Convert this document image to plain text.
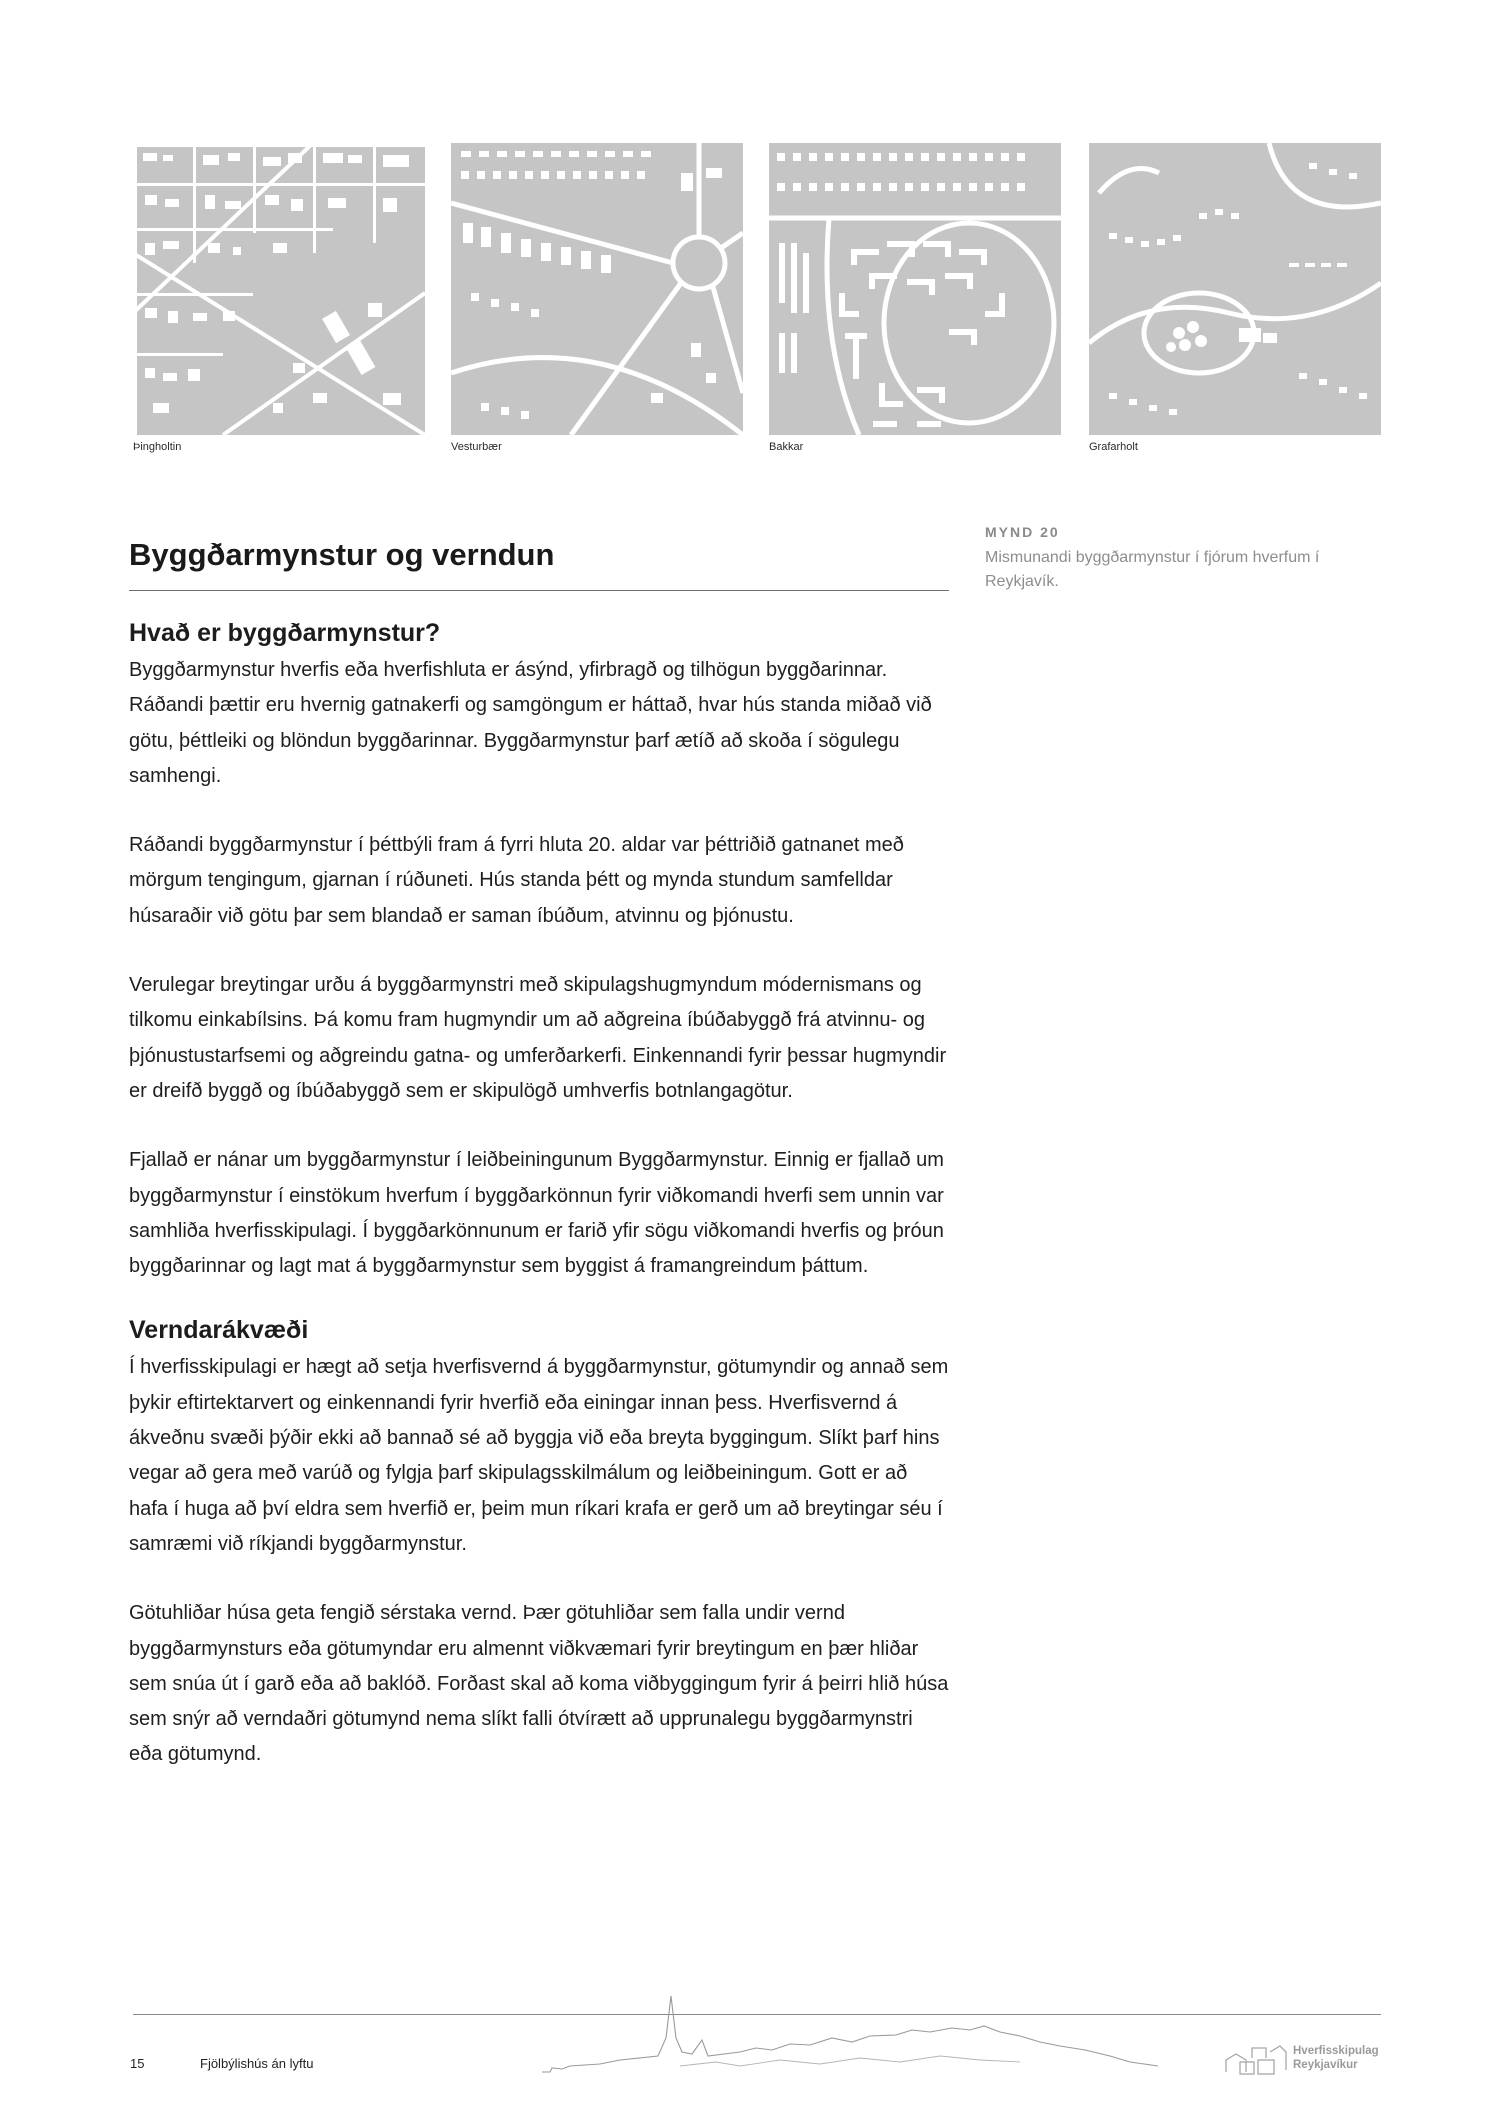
Þingholtin	Vesturbær	Bakkar	Grafarholt
MYND 20
Mismunandi byggðarmynstur í fjórum hverfum í Reykjavík.
Byggðarmynstur og verndun
Hvað er byggðarmynstur?

Byggðarmynstur hverfis eða hverfishluta er ásýnd, yfirbragð og tilhögun byggðarinnar. Ráðandi þættir eru hvernig gatnakerfi og samgöngum er háttað, hvar hús standa miðað við götu, þéttleiki og blöndun byggðarinnar. Byggðarmynstur þarf ætíð að skoða í sögulegu samhengi.

Ráðandi byggðarmynstur í þéttbýli fram á fyrri hluta 20. aldar var þéttriðið gatnanet með mörgum tengingum, gjarnan í rúðuneti. Hús standa þétt og mynda stundum samfelldar húsaraðir við götu þar sem blandað er saman íbúðum, atvinnu og þjónustu.

Verulegar breytingar urðu á byggðarmynstri með skipulagshugmyndum módernismans og tilkomu einkabílsins. Þá komu fram hugmyndir um að aðgreina íbúðabyggð frá atvinnu- og þjónustustarfsemi og aðgreindu gatna- og umferðarkerfi. Einkennandi fyrir þessar hugmyndir er dreifð byggð og íbúðabyggð sem er skipulögð umhverfis botnlangagötur.

Fjallað er nánar um byggðarmynstur í leiðbeiningunum Byggðarmynstur. Einnig er fjallað um byggðarmynstur í einstökum hverfum í byggðarkönnun fyrir viðkomandi hverfi sem unnin var samhliða hverfisskipulagi. Í byggðarkönnunum er farið yfir sögu viðkomandi hverfis og þróun byggðarinnar og lagt mat á byggðarmynstur sem byggist á framangreindum þáttum.

Verndarákvæði

Í hverfisskipulagi er hægt að setja hverfisvernd á byggðarmynstur, götumyndir og annað sem þykir eftirtektarvert og einkennandi fyrir hverfið eða einingar innan þess. Hverfisvernd á ákveðnu svæði þýðir ekki að bannað sé að byggja við eða breyta byggingum. Slíkt þarf hins vegar að gera með varúð og fylgja þarf skipulagsskilmálum og leiðbeiningum. Gott er að hafa í huga að því eldra sem hverfið er, þeim mun ríkari krafa er gerð um að breytingar séu í samræmi við ríkjandi byggðarmynstur.

Götuhliðar húsa geta fengið sérstaka vernd. Þær götuhliðar sem falla undir vernd byggðarmynsturs eða götumyndar eru almennt viðkvæmari fyrir breytingum en þær hliðar sem snúa út í garð eða að baklóð. Forðast skal að koma viðbyggingum fyrir á þeirri hlið húsa sem snýr að verndaðri götumynd nema slíkt falli ótvírætt að upprunalegu byggðarmynstri eða götumynd.

15	Fjölbýlishús án lyftu
Hverfisskipulag
Reykjavíkur
